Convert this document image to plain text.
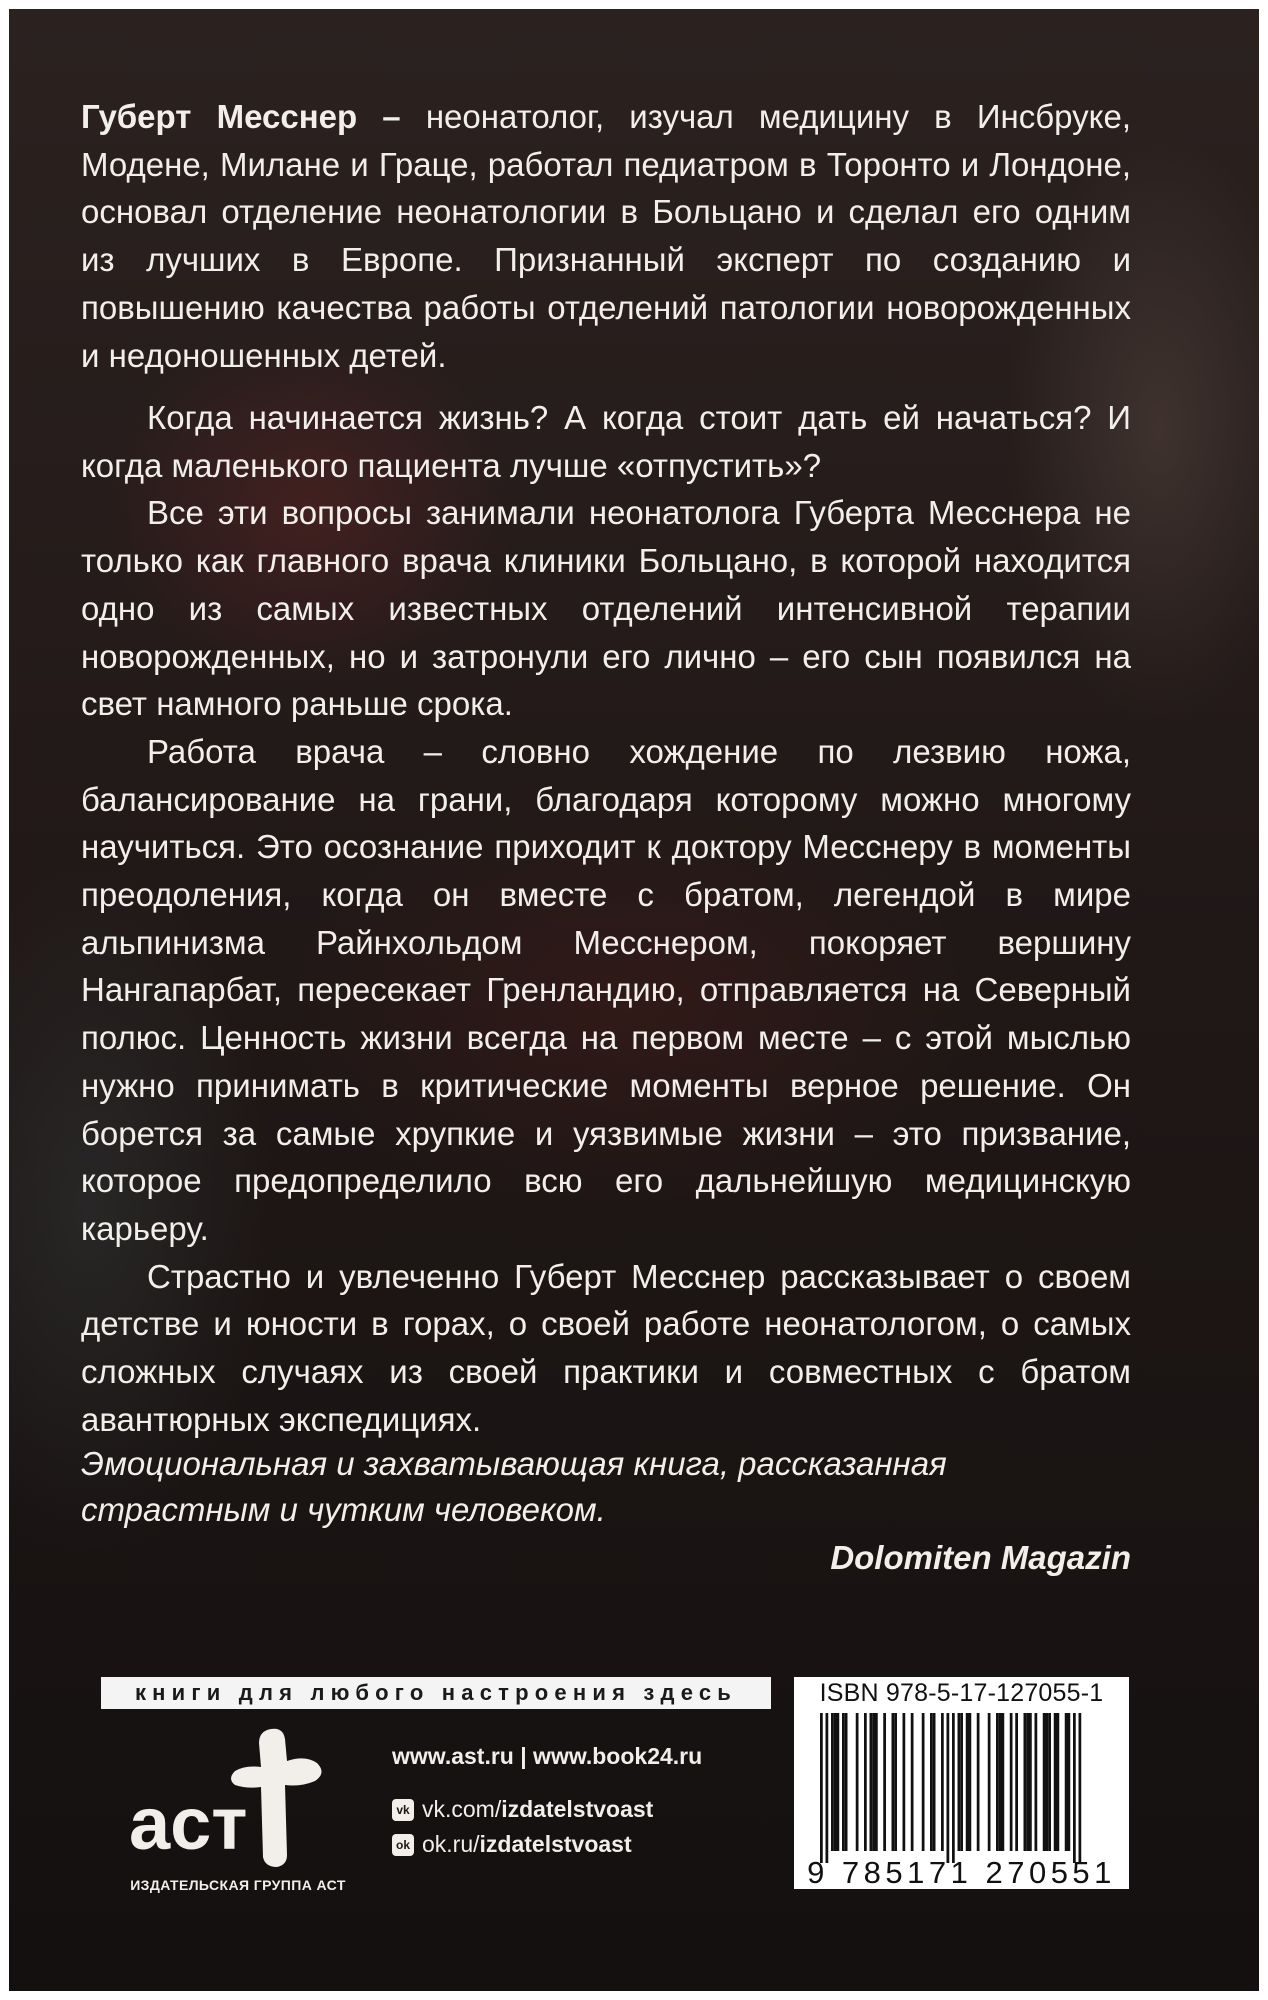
Губерт Месснер – неонатолог, изучал медицину в Инсбруке, Модене, Милане и Граце, работал педиатром в Торонто и Лондоне, основал отделение неонатологии в Больцано и сделал его одним из лучших в Европе. Признанный эксперт по созданию и повышению качества работы отделений патологии новорожденных и недоношенных детей.

Когда начинается жизнь? А когда стоит дать ей начаться? И когда маленького пациента лучше «отпустить»?

Все эти вопросы занимали неонатолога Губерта Месснера не только как главного врача клиники Больцано, в которой находится одно из самых известных отделений интенсивной терапии новорожденных, но и затронули его лично – его сын появился на свет намного раньше срока.

Работа врача – словно хождение по лезвию ножа, балансирование на грани, благодаря которому можно многому научиться. Это осознание приходит к доктору Месснеру в моменты преодоления, когда он вместе с братом, легендой в мире альпинизма Райнхольдом Месснером, покоряет вершину Нангапарбат, пересекает Гренландию, отправляется на Северный полюс. Ценность жизни всегда на первом месте – с этой мыслью нужно принимать в критические моменты верное решение. Он борется за самые хрупкие и уязвимые жизни – это призвание, которое предопределило всю его дальнейшую медицинскую карьеру.

Страстно и увлеченно Губерт Месснер рассказывает о своем детстве и юности в горах, о своей работе неонатологом, о самых сложных случаях из своей практики и совместных с братом авантюрных экспедициях.

Эмоциональная и захватывающая книга, рассказанная страстным и чутким человеком.
Dolomiten Magazin
книги для любого настроения здесь
аст
ИЗДАТЕЛЬСКАЯ ГРУППА АСТ
www.ast.ru | www.book24.ru
vk vk.com/ izdatelstvoast
ok ok.ru/ izdatelstvoast
ISBN 978-5-17-127055-1
9 785171 270551
